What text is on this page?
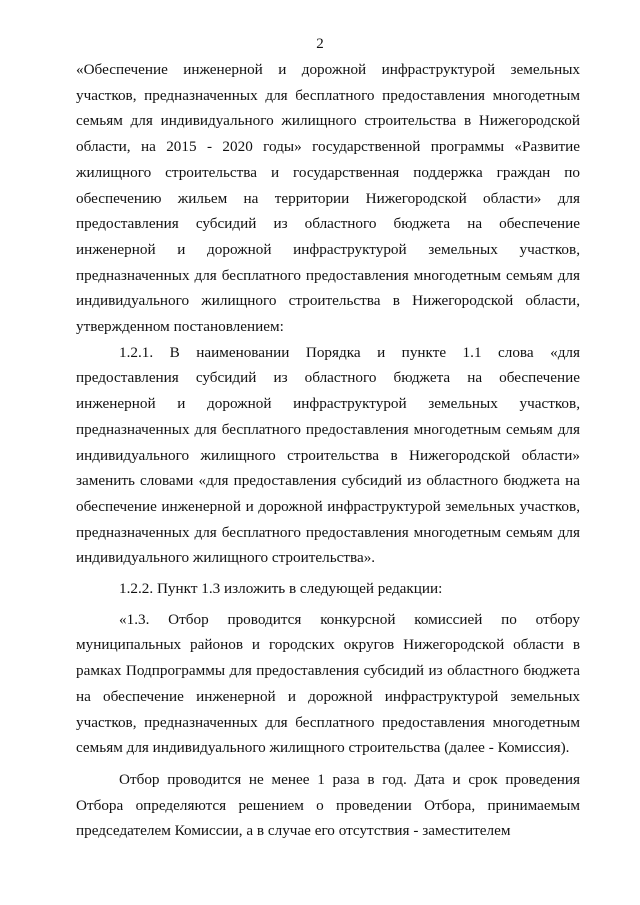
2

«Обеспечение инженерной и дорожной инфраструктурой земельных участков, предназначенных для бесплатного предоставления многодетным семьям для индивидуального жилищного строительства в Нижегородской области, на 2015 - 2020 годы» государственной программы «Развитие жилищного строительства и государственная поддержка граждан по обеспечению жильем на территории Нижегородской области» для предоставления субсидий из областного бюджета на обеспечение инженерной и дорожной инфраструктурой земельных участков, предназначенных для бесплатного предоставления многодетным семьям для индивидуального жилищного строительства в Нижегородской области, утвержденном постановлением:

1.2.1. В наименовании Порядка и пункте 1.1 слова «для предоставления субсидий из областного бюджета на обеспечение инженерной и дорожной инфраструктурой земельных участков, предназначенных для бесплатного предоставления многодетным семьям для индивидуального жилищного строительства в Нижегородской области» заменить словами «для предоставления субсидий из областного бюджета на обеспечение инженерной и дорожной инфраструктурой земельных участков, предназначенных для бесплатного предоставления многодетным семьям для индивидуального жилищного строительства».

1.2.2. Пункт 1.3 изложить в следующей редакции:

«1.3. Отбор проводится конкурсной комиссией по отбору муниципальных районов и городских округов Нижегородской области в рамках Подпрограммы для предоставления субсидий из областного бюджета на обеспечение инженерной и дорожной инфраструктурой земельных участков, предназначенных для бесплатного предоставления многодетным семьям для индивидуального жилищного строительства (далее - Комиссия).

Отбор проводится не менее 1 раза в год. Дата и срок проведения Отбора определяются решением о проведении Отбора, принимаемым председателем Комиссии, а в случае его отсутствия - заместителем
